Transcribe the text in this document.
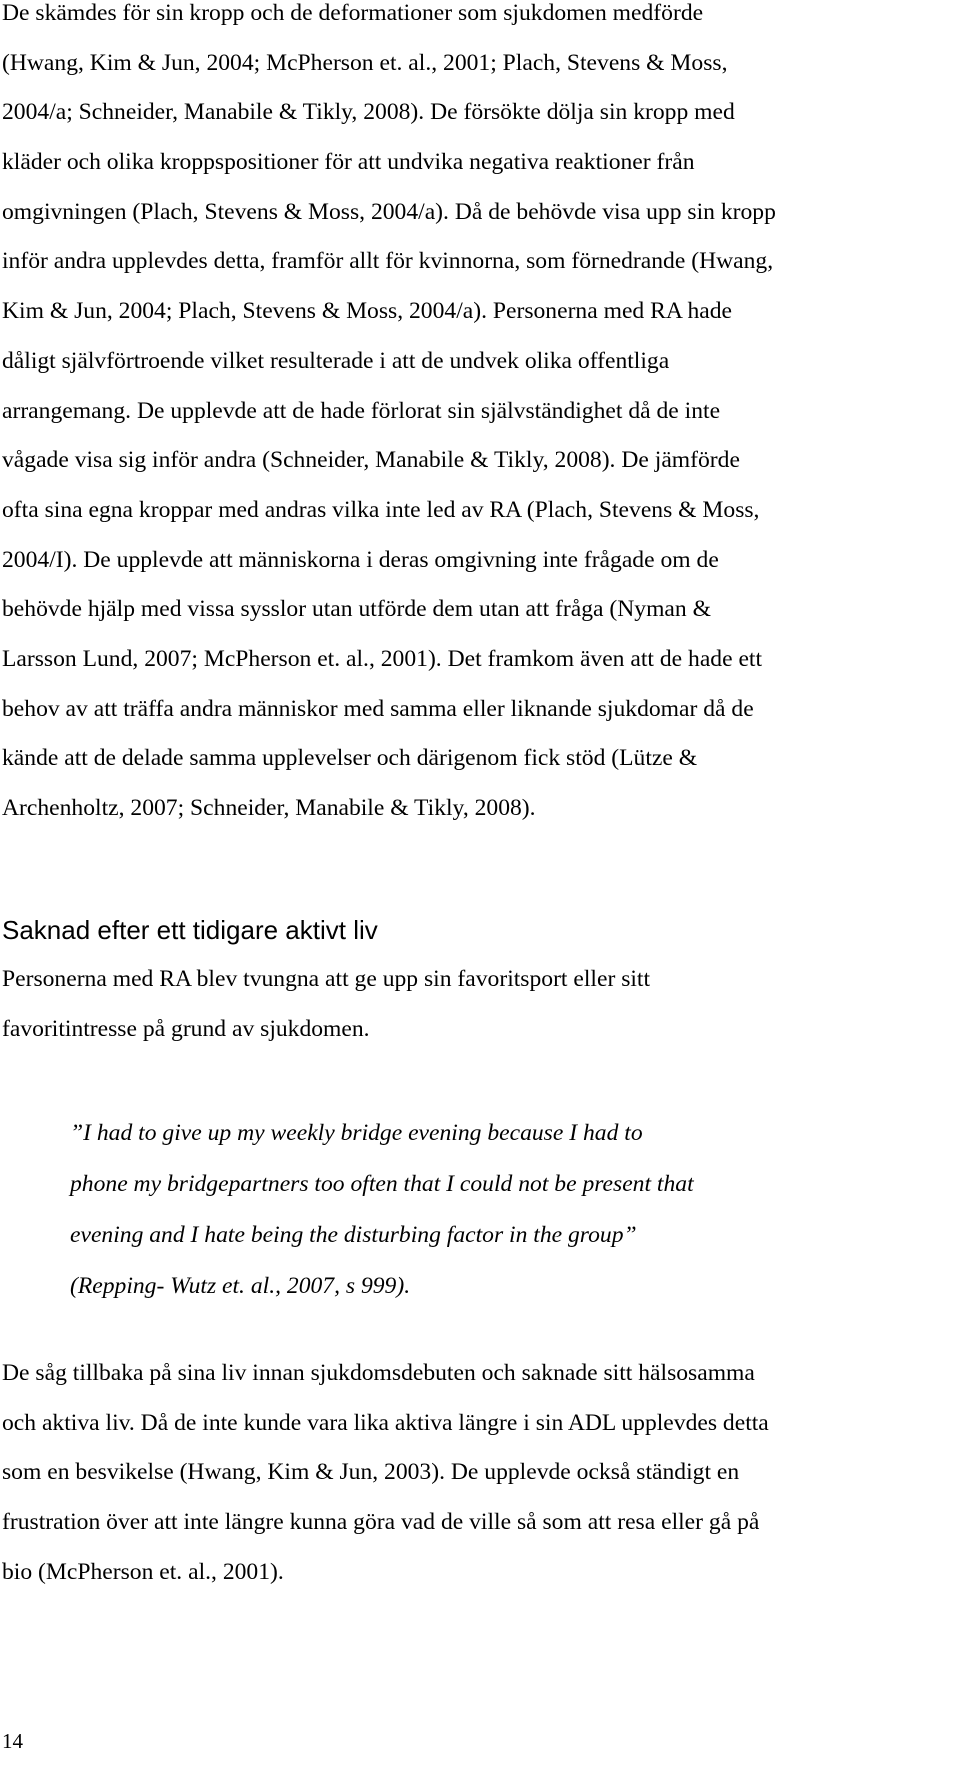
De skämdes för sin kropp och de deformationer som sjukdomen medförde
(Hwang, Kim & Jun, 2004; McPherson et. al., 2001; Plach, Stevens & Moss,
2004/a; Schneider, Manabile & Tikly, 2008). De försökte dölja sin kropp med
kläder och olika kroppspositioner för att undvika negativa reaktioner från
omgivningen (Plach, Stevens & Moss, 2004/a). Då de behövde visa upp sin kropp
inför andra upplevdes detta, framför allt för kvinnorna, som förnedrande (Hwang,
Kim & Jun, 2004; Plach, Stevens & Moss, 2004/a). Personerna med RA hade
dåligt självförtroende vilket resulterade i att de undvek olika offentliga
arrangemang. De upplevde att de hade förlorat sin självständighet då de inte
vågade visa sig inför andra (Schneider, Manabile & Tikly, 2008). De jämförde
ofta sina egna kroppar med andras vilka inte led av RA (Plach, Stevens & Moss,
2004/I). De upplevde att människorna i deras omgivning inte frågade om de
behövde hjälp med vissa sysslor utan utförde dem utan att fråga (Nyman &
Larsson Lund, 2007; McPherson et. al., 2001). Det framkom även att de hade ett
behov av att träffa andra människor med samma eller liknande sjukdomar då de
kände att de delade samma upplevelser och därigenom fick stöd (Lütze &
Archenholtz, 2007; Schneider, Manabile & Tikly, 2008).

Saknad efter ett tidigare aktivt liv

Personerna med RA blev tvungna att ge upp sin favoritsport eller sitt
favoritintresse på grund av sjukdomen.

”I had to give up my weekly bridge evening because I had to
phone my bridgepartners too often that I could not be present that
evening and I hate being the disturbing factor in the group”
(Repping- Wutz et. al., 2007, s 999).

De såg tillbaka på sina liv innan sjukdomsdebuten och saknade sitt hälsosamma
och aktiva liv. Då de inte kunde vara lika aktiva längre i sin ADL upplevdes detta
som en besvikelse (Hwang, Kim & Jun, 2003). De upplevde också ständigt en
frustration över att inte längre kunna göra vad de ville så som att resa eller gå på
bio (McPherson et. al., 2001).

14
